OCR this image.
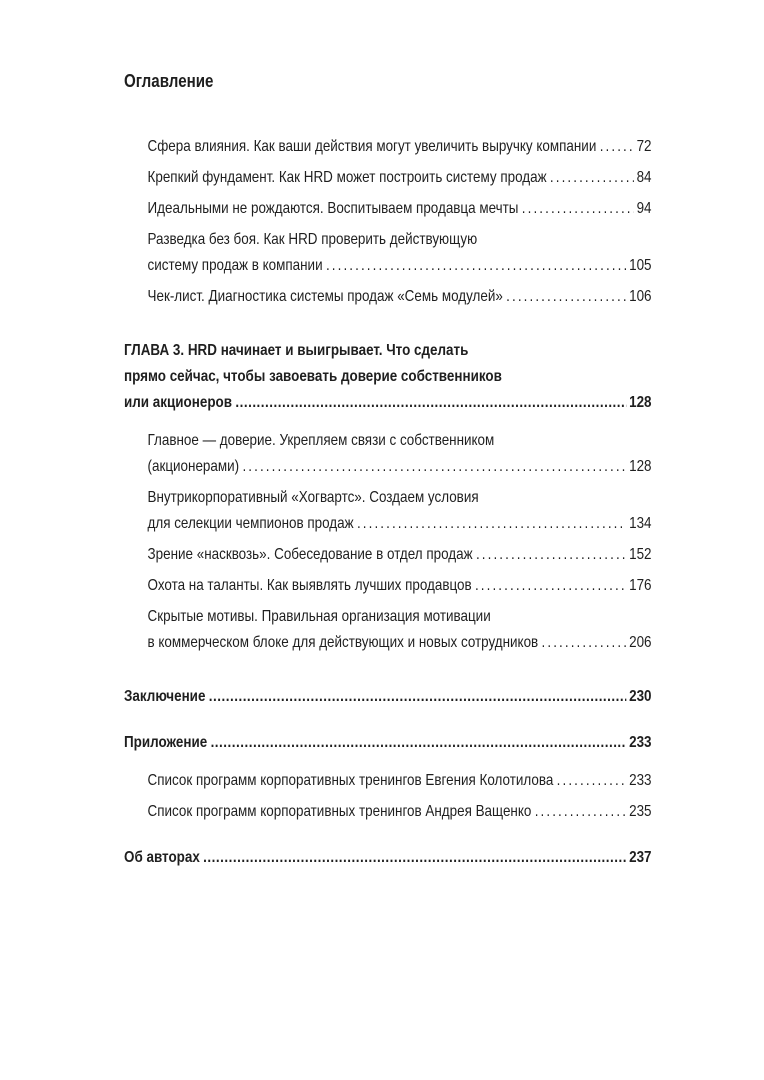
Оглавление
Сфера влияния. Как ваши действия могут увеличить выручку компании .....	72
Крепкий фундамент. Как HRD может построить систему продаж .....	84
Идеальными не рождаются. Воспитываем продавца мечты .....	94
Разведка без боя. Как HRD проверить действующую
систему продаж в компании .....	105
Чек-лист. Диагностика системы продаж «Семь модулей» .....	106
ГЛАВА 3. HRD начинает и выигрывает. Что сделать
прямо сейчас, чтобы завоевать доверие собственников
или акционеров .....	128
Главное — доверие. Укрепляем связи с собственником
(акционерами) .....	128
Внутрикорпоративный «Хогвартс». Создаем условия
для селекции чемпионов продаж .....	134
Зрение «насквозь». Собеседование в отдел продаж .....	152
Охота на таланты. Как выявлять лучших продавцов .....	176
Скрытые мотивы. Правильная организация мотивации
в коммерческом блоке для действующих и новых сотрудников .....	206
Заключение .....	230
Приложение .....	233
Список программ корпоративных тренингов Евгения Колотилова .....	233
Список программ корпоративных тренингов Андрея Ващенко .....	235
Об авторах .....	237
